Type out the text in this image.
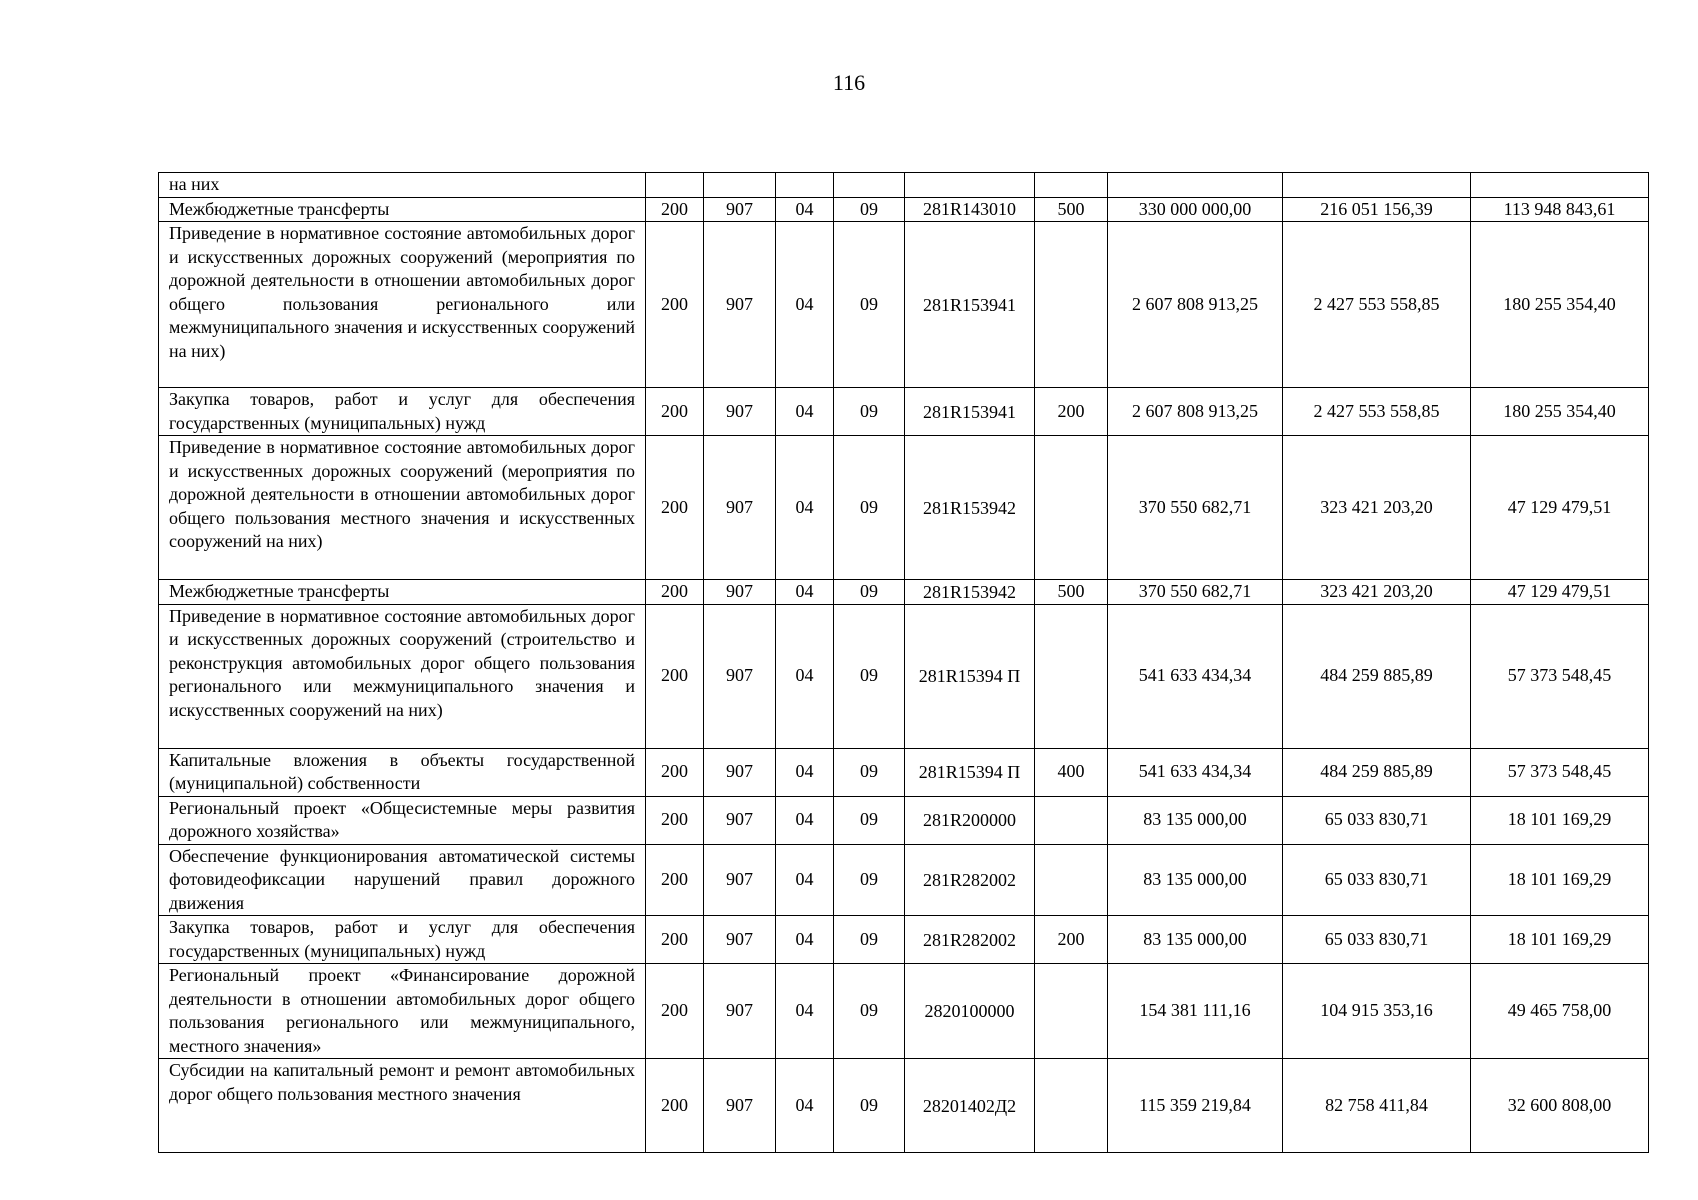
116
на них									
Межбюджетные трансферты	200	907	04	09	281R143010	500	330 000 000,00	216 051 156,39	113 948 843,61
Приведение в нормативное состояние автомобильных дорог и искусственных дорожных сооружений (мероприятия по дорожной деятельности в отношении автомобильных дорог общего пользования регионального или межмуниципального значения и искусственных сооружений на них)	200	907	04	09	281R153941		2 607 808 913,25	2 427 553 558,85	180 255 354,40
Закупка товаров, работ и услуг для обеспечения государственных (муниципальных) нужд	200	907	04	09	281R153941	200	2 607 808 913,25	2 427 553 558,85	180 255 354,40
Приведение в нормативное состояние автомобильных дорог и искусственных дорожных сооружений (мероприятия по дорожной деятельности в отношении автомобильных дорог общего пользования местного значения и искусственных сооружений на них)	200	907	04	09	281R153942		370 550 682,71	323 421 203,20	47 129 479,51
Межбюджетные трансферты	200	907	04	09	281R153942	500	370 550 682,71	323 421 203,20	47 129 479,51
Приведение в нормативное состояние автомобильных дорог и искусственных дорожных сооружений (строительство и реконструкция автомобильных дорог общего пользования регионального или межмуниципального значения и искусственных сооружений на них)	200	907	04	09	281R15394 П		541 633 434,34	484 259 885,89	57 373 548,45
Капитальные вложения в объекты государственной (муниципальной) собственности	200	907	04	09	281R15394 П	400	541 633 434,34	484 259 885,89	57 373 548,45
Региональный проект «Общесистемные меры развития дорожного хозяйства»	200	907	04	09	281R200000		83 135 000,00	65 033 830,71	18 101 169,29
Обеспечение функционирования автоматической системы фотовидеофиксации нарушений правил дорожного движения	200	907	04	09	281R282002		83 135 000,00	65 033 830,71	18 101 169,29
Закупка товаров, работ и услуг для обеспечения государственных (муниципальных) нужд	200	907	04	09	281R282002	200	83 135 000,00	65 033 830,71	18 101 169,29
Региональный проект «Финансирование дорожной деятельности в отношении автомобильных дорог общего пользования регионального или межмуниципального, местного значения»	200	907	04	09	2820100000		154 381 111,16	104 915 353,16	49 465 758,00
Субсидии на капитальный ремонт и ремонт автомобильных дорог общего пользования местного значения	200	907	04	09	28201402Д2		115 359 219,84	82 758 411,84	32 600 808,00
